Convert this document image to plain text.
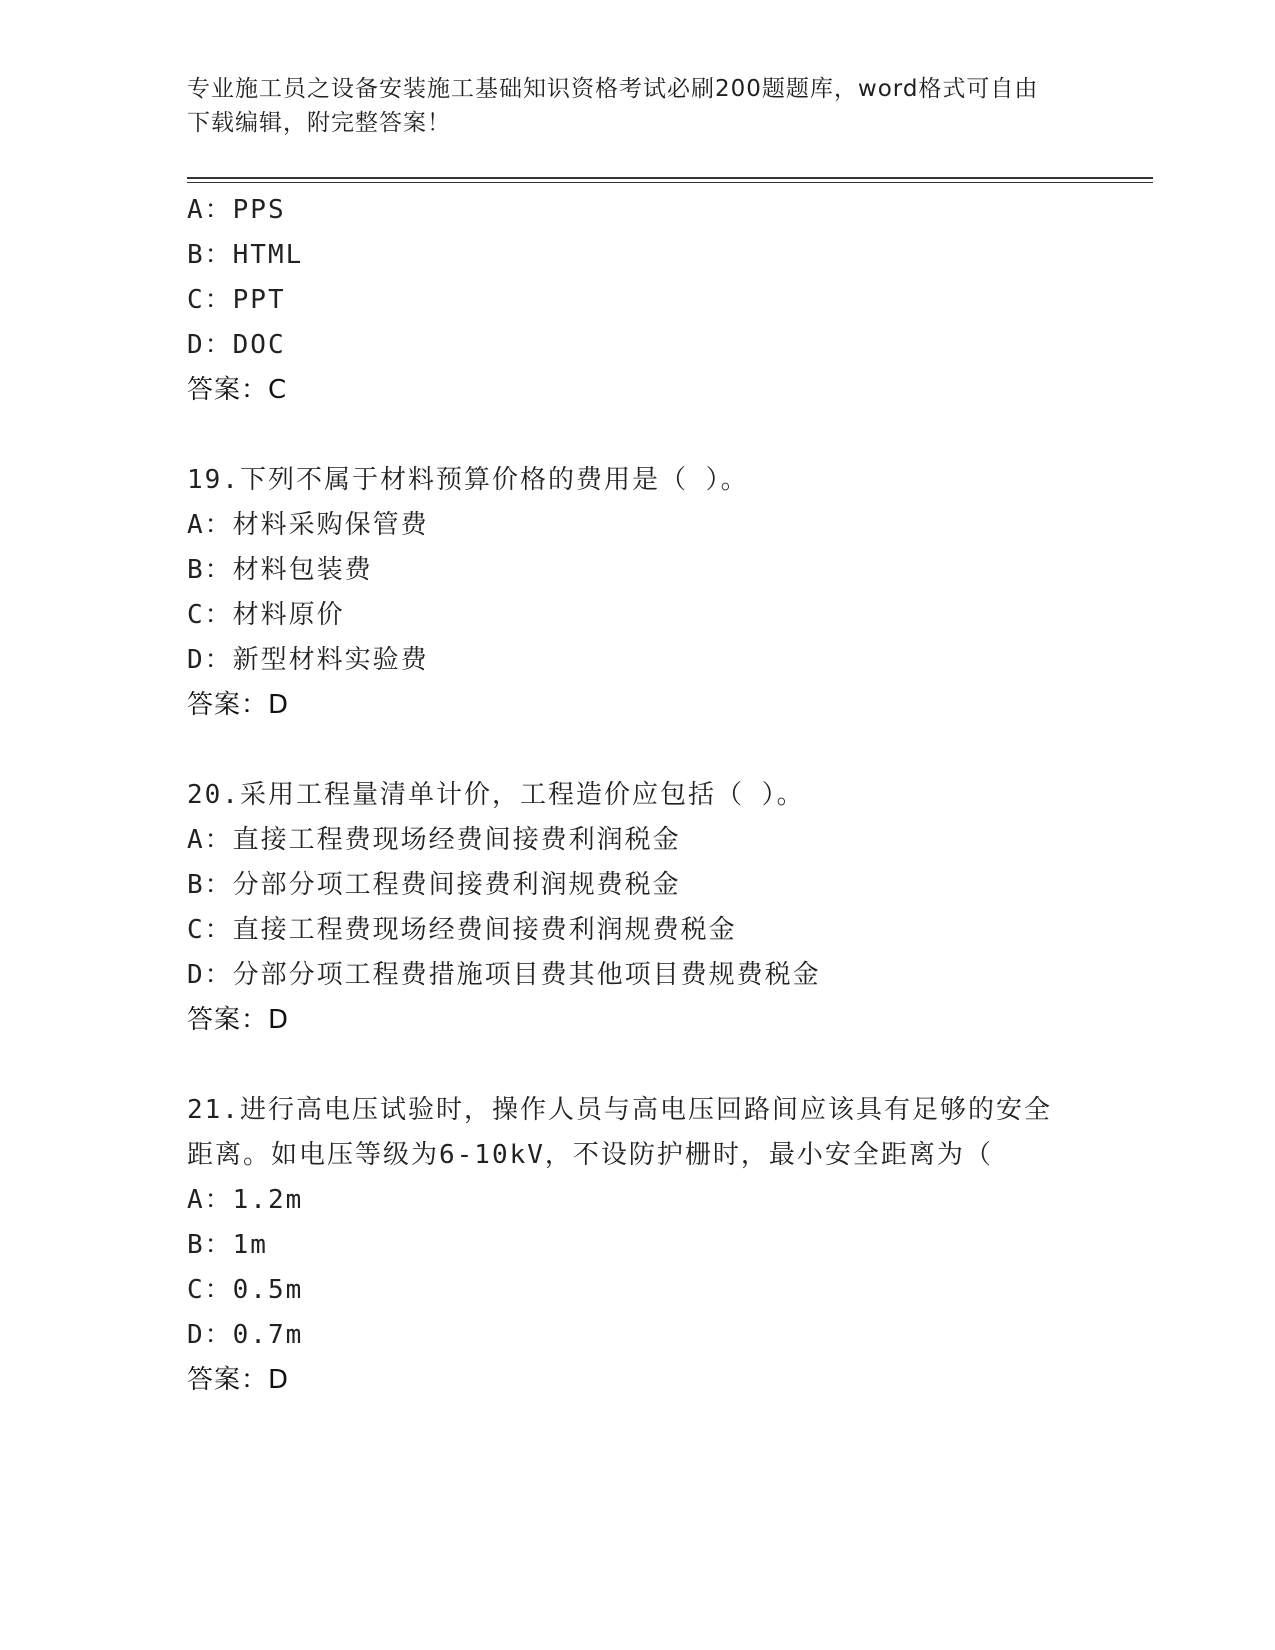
专业施工员之设备安装施工基础知识资格考试必刷200题题库，word格式可自由
下载编辑，附完整答案！
A：PPS
B：HTML
C：PPT
D：DOC
答案：C
19.下列不属于材料预算价格的费用是（ ）。
A：材料采购保管费
B：材料包装费
C：材料原价
D：新型材料实验费
答案：D
20.采用工程量清单计价，工程造价应包括（ ）。
A：直接工程费现场经费间接费利润税金
B：分部分项工程费间接费利润规费税金
C：直接工程费现场经费间接费利润规费税金
D：分部分项工程费措施项目费其他项目费规费税金
答案：D
21.进行高电压试验时，操作人员与高电压回路间应该具有足够的安全
距离。如电压等级为6-10kV，不设防护栅时，最小安全距离为（
A：1.2m
B：1m
C：0.5m
D：0.7m
答案：D
